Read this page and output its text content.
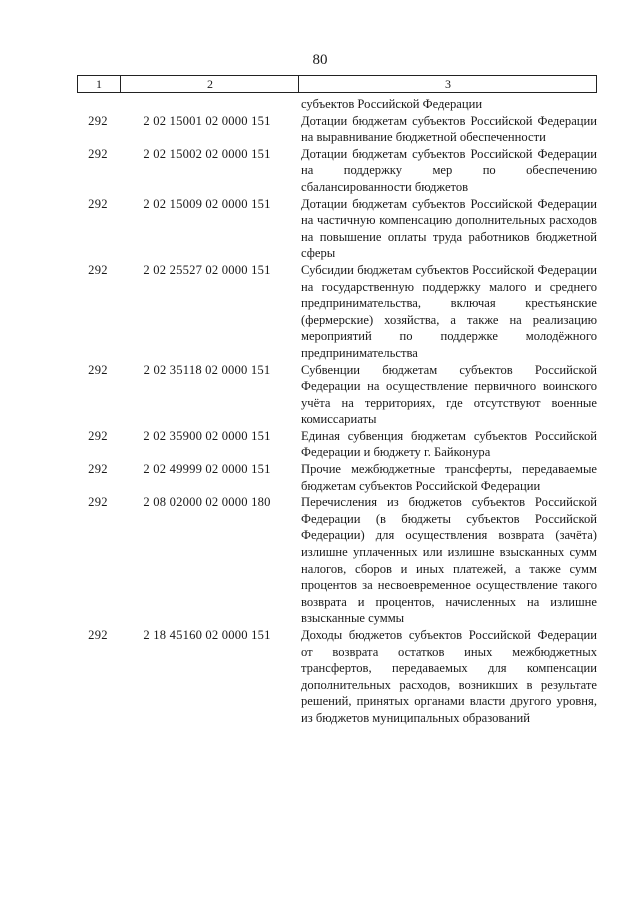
80
1	2	3
субъектов Российской Федерации
292	2 02 15001 02 0000 151	Дотации бюджетам субъектов Российской Федерации на выравнивание бюджетной обеспеченности
292	2 02 15002 02 0000 151	Дотации бюджетам субъектов Российской Федерации на поддержку мер по обеспечению сбалансированности бюджетов
292	2 02 15009 02 0000 151	Дотации бюджетам субъектов Российской Федерации на частичную компенсацию дополнительных расходов на повышение оплаты труда работников бюджетной сферы
292	2 02 25527 02 0000 151	Субсидии бюджетам субъектов Российской Федерации на государственную поддержку малого и среднего предпринимательства, включая крестьянские (фермерские) хозяйства, а также на реализацию мероприятий по поддержке молодёжного предпринимательства
292	2 02 35118 02 0000 151	Субвенции бюджетам субъектов Российской Федерации на осуществление первичного воинского учёта на территориях, где отсутствуют военные комиссариаты
292	2 02 35900 02 0000 151	Единая субвенция бюджетам субъектов Российской Федерации и бюджету г. Байконура
292	2 02 49999 02 0000 151	Прочие межбюджетные трансферты, передаваемые бюджетам субъектов Российской Федерации
292	2 08 02000 02 0000 180	Перечисления из бюджетов субъектов Российской Федерации (в бюджеты субъектов Российской Федерации) для осуществления возврата (зачёта) излишне уплаченных или излишне взысканных сумм налогов, сборов и иных платежей, а также сумм процентов за несвоевременное осуществление такого возврата и процентов, начисленных на излишне взысканные суммы
292	2 18 45160 02 0000 151	Доходы бюджетов субъектов Российской Федерации от возврата остатков иных межбюджетных трансфертов, передаваемых для компенсации дополнительных расходов, возникших в результате решений, принятых органами власти другого уровня, из бюджетов муниципальных образований
